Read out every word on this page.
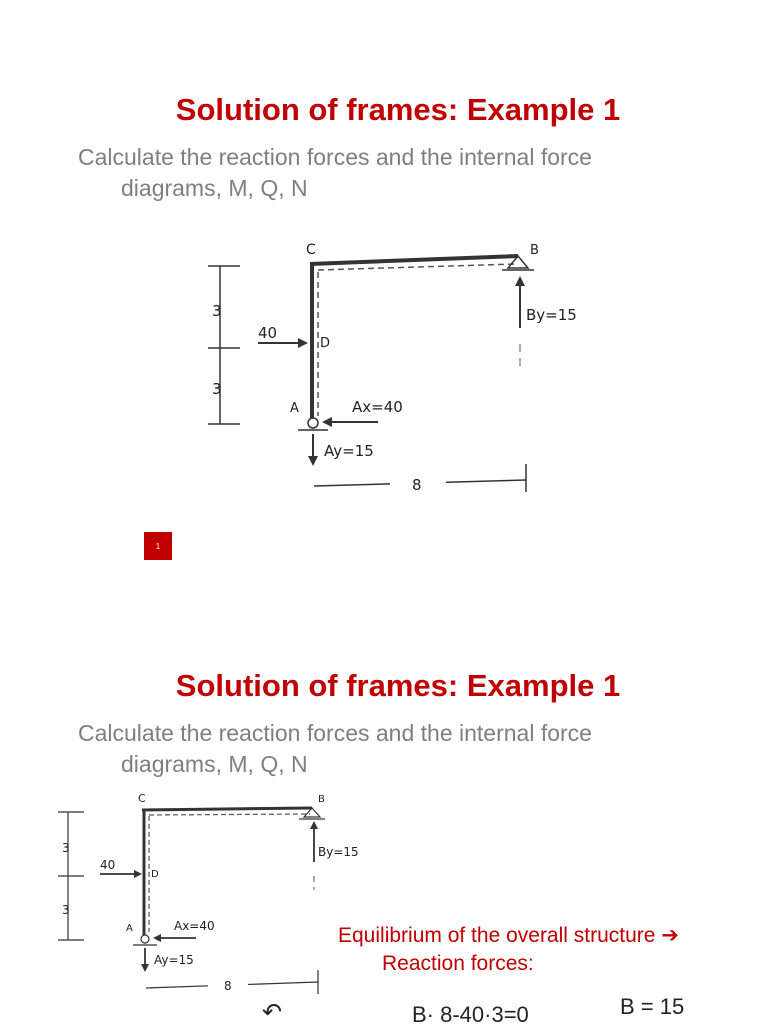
Solution of frames: Example 1

Calculate the reaction forces and the internal force
diagrams, M, Q, N

C	B
D
A
3
3
40
By=15
Ax=40
Ay=15
8
1
Solution of frames: Example 1

Calculate the reaction forces and the internal force
diagrams, M, Q, N

C	B
D
A
3
3
40
By=15
Ax=40
Ay=15
8

Equilibrium of the overall structure ➔
Reaction forces:

↶	B· 8-40·3=0	B = 15
